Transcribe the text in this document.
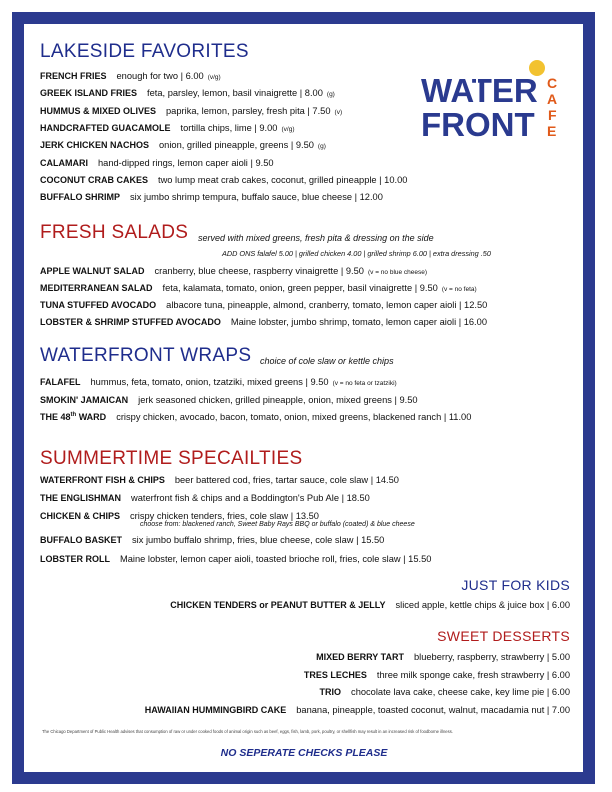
WATER
FRONT
C
A
F
E
LAKESIDE FAVORITES
FRESH SALADS served with mixed greens, fresh pita & dressing on the side
ADD ONS falafel 5.00 | grilled chicken 4.00 | grilled shrimp 6.00 | extra dressing .50
WATERFRONT WRAPS choice of cole slaw or kettle chips
SUMMERTIME SPECAILTIES
JUST FOR KIDS
SWEET DESSERTS
The Chicago Department of Public Health advises that consumption of raw or under cooked foods of animal origin such as beef, eggs, fish, lamb, pork, poultry, or shellfish may result in an increased risk of foodborne illness.
NO SEPERATE CHECKS PLEASE
FRENCH FRIES enough for two | 6.00 (v/g)
GREEK ISLAND FRIES feta, parsley, lemon, basil vinaigrette | 8.00 (g)
HUMMUS & MIXED OLIVES paprika, lemon, parsley, fresh pita | 7.50 (v)
HANDCRAFTED GUACAMOLE tortilla chips, lime | 9.00 (v/g)
JERK CHICKEN NACHOS onion, grilled pineapple, greens | 9.50 (g)
CALAMARI hand-dipped rings, lemon caper aioli | 9.50
COCONUT CRAB CAKES two lump meat crab cakes, coconut, grilled pineapple | 10.00
BUFFALO SHRIMP six jumbo shrimp tempura, buffalo sauce, blue cheese | 12.00
APPLE WALNUT SALAD cranberry, blue cheese, raspberry vinaigrette | 9.50 (v = no blue cheese)
MEDITERRANEAN SALAD feta, kalamata, tomato, onion, green pepper, basil vinaigrette | 9.50 (v = no feta)
TUNA STUFFED AVOCADO albacore tuna, pineapple, almond, cranberry, tomato, lemon caper aioli | 12.50
LOBSTER & SHRIMP STUFFED AVOCADO Maine lobster, jumbo shrimp, tomato, lemon caper aioli | 16.00
FALAFEL hummus, feta, tomato, onion, tzatziki, mixed greens | 9.50 (v = no feta or tzatziki)
SMOKIN' JAMAICAN jerk seasoned chicken, grilled pineapple, onion, mixed greens | 9.50
THE 48th WARD crispy chicken, avocado, bacon, tomato, onion, mixed greens, blackened ranch | 11.00
WATERFRONT FISH & CHIPS beer battered cod, fries, tartar sauce, cole slaw | 14.50
THE ENGLISHMAN waterfront fish & chips and a Boddington's Pub Ale | 18.50
CHICKEN & CHIPS crispy chicken tenders, fries, cole slaw | 13.50
choose from: blackened ranch, Sweet Baby Rays BBQ or buffalo (coated) & blue cheese
BUFFALO BASKET six jumbo buffalo shrimp, fries, blue cheese, cole slaw | 15.50
LOBSTER ROLL Maine lobster, lemon caper aioli, toasted brioche roll, fries, cole slaw | 15.50
CHICKEN TENDERS or PEANUT BUTTER & JELLY sliced apple, kettle chips & juice box | 6.00
MIXED BERRY TART blueberry, raspberry, strawberry | 5.00
TRES LECHES three milk sponge cake, fresh strawberry | 6.00
TRIO chocolate lava cake, cheese cake, key lime pie | 6.00
HAWAIIAN HUMMINGBIRD CAKE banana, pineapple, toasted coconut, walnut, macadamia nut | 7.00
